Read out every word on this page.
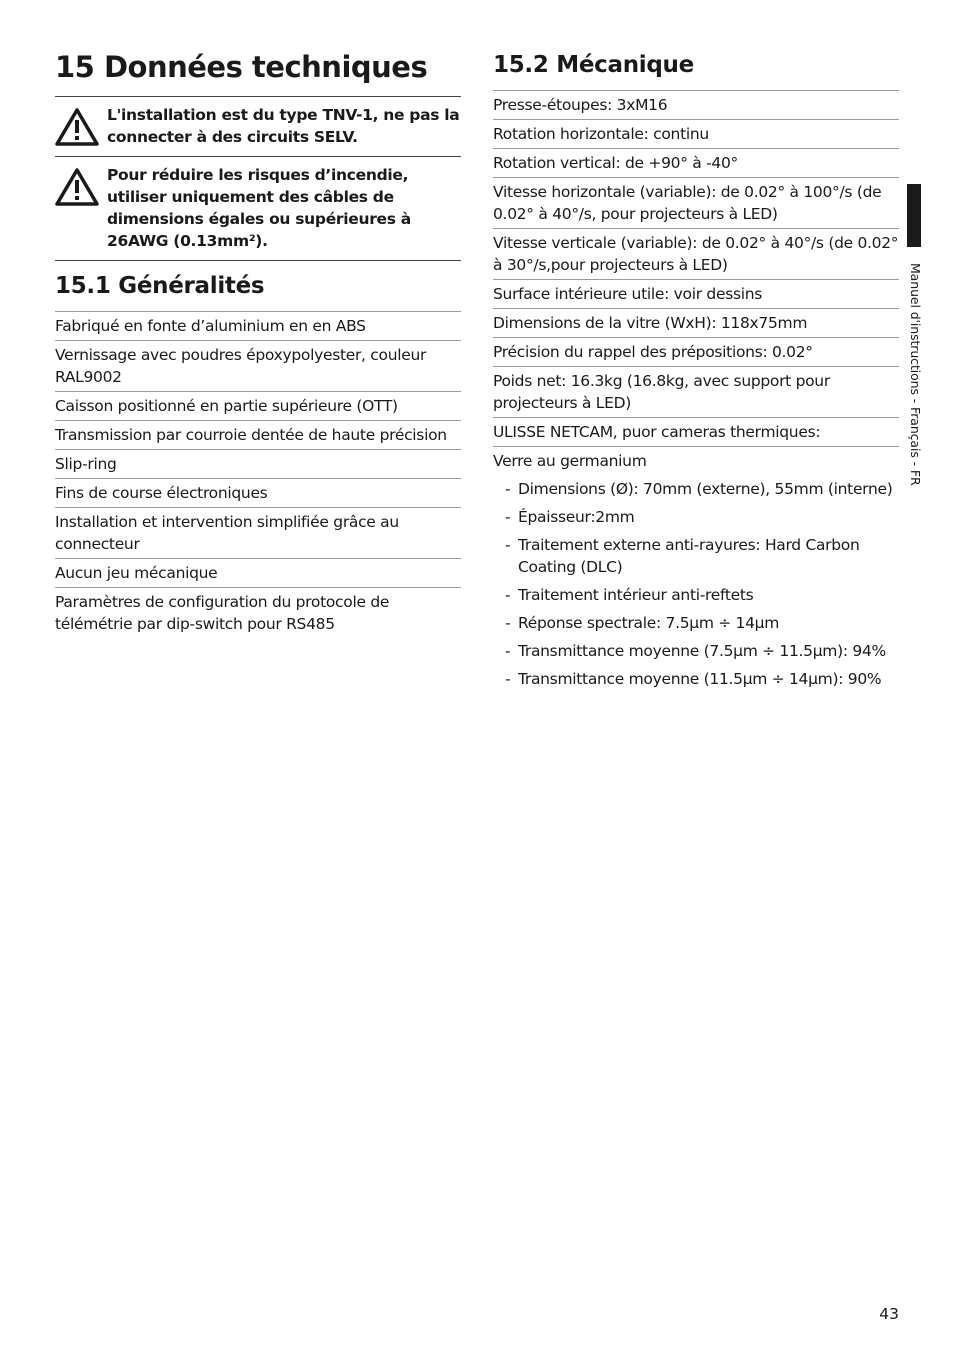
15 Données techniques
L'installation est du type TNV-1, ne pas la connecter à des circuits SELV.
Pour réduire les risques d’incendie, utiliser uniquement des câbles de dimensions égales ou supérieures à 26AWG (0.13mm²).
15.1 Généralités
Fabriqué en fonte d’aluminium en en ABS
Vernissage avec poudres époxypolyester, couleur RAL9002
Caisson positionné en partie supérieure (OTT)
Transmission par courroie dentée de haute précision
Slip-ring
Fins de course électroniques
Installation et intervention simplifiée grâce au connecteur
Aucun jeu mécanique
Paramètres de configuration du protocole de télémétrie par dip-switch pour RS485
15.2 Mécanique
Presse-étoupes: 3xM16
Rotation horizontale: continu
Rotation vertical: de +90° à -40°
Vitesse horizontale (variable): de 0.02° à 100°/s (de 0.02° à 40°/s, pour projecteurs à LED)
Vitesse verticale (variable): de 0.02° à 40°/s (de 0.02° à 30°/s,pour projecteurs à LED)
Surface intérieure utile: voir dessins
Dimensions de la vitre (WxH): 118x75mm
Précision du rappel des prépositions: 0.02°
Poids net: 16.3kg (16.8kg, avec support pour projecteurs à LED)
ULISSE NETCAM, puor cameras thermiques:
Verre au germanium
- Dimensions (Ø): 70mm (externe), 55mm (interne)
- Épaisseur:2mm
- Traitement externe anti-rayures: Hard Carbon Coating (DLC)
- Traitement intérieur anti-reftets
- Réponse spectrale: 7.5µm ÷ 14µm
- Transmittance moyenne (7.5µm ÷ 11.5µm): 94%
- Transmittance moyenne (11.5µm ÷ 14µm): 90%
Manuel d'instructions - Français - FR
43
